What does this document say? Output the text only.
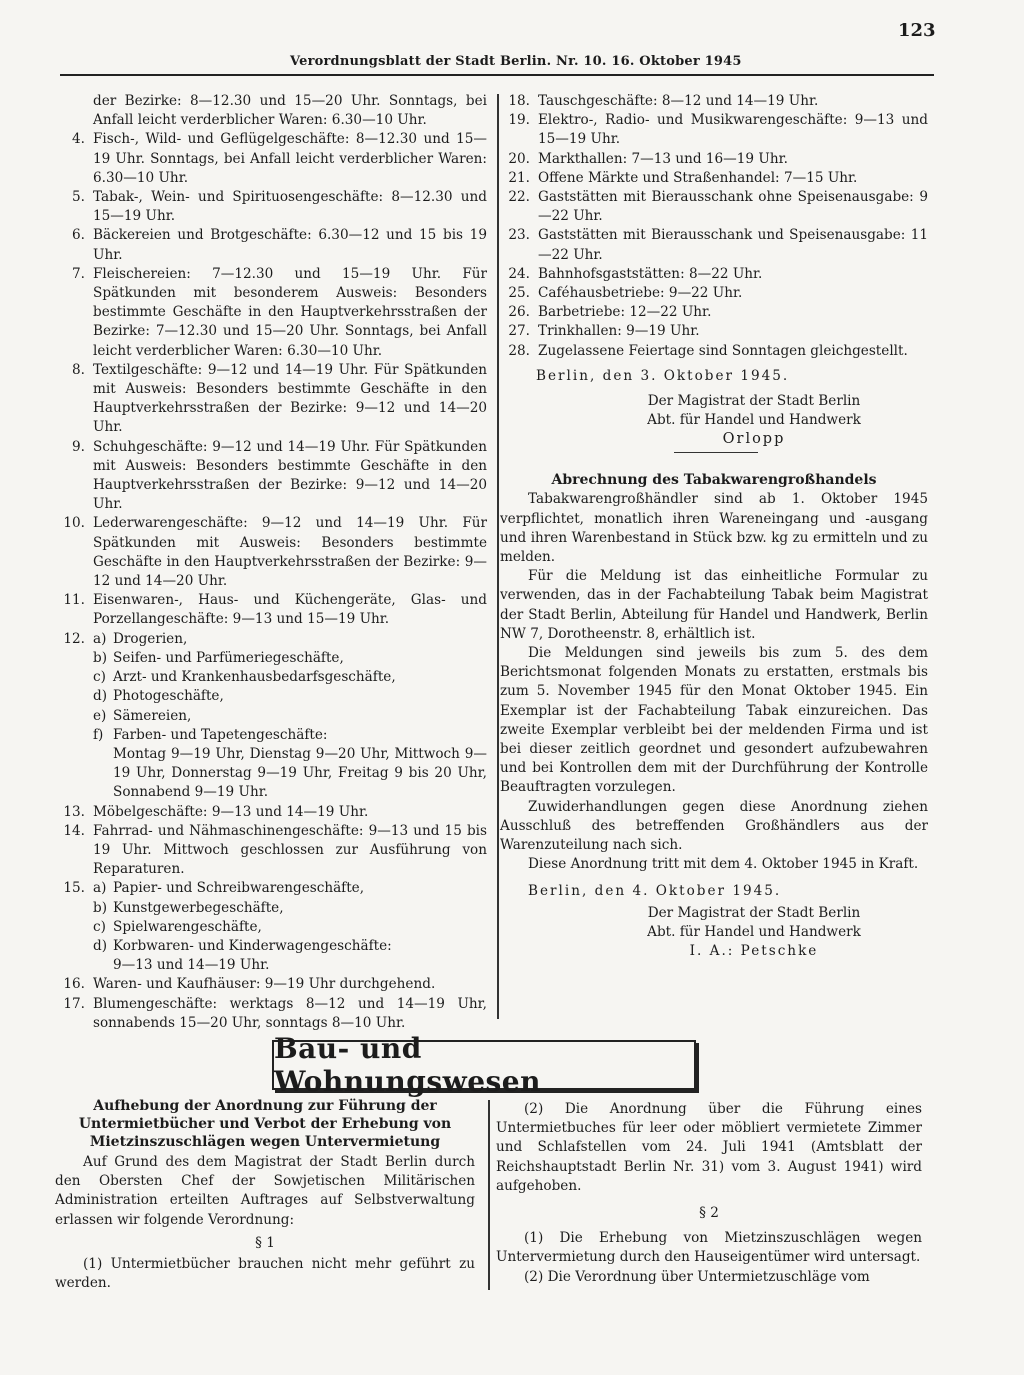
123
Verordnungsblatt der Stadt Berlin. Nr. 10. 16. Oktober 1945

der Bezirke: 8—12.30 und 15—20 Uhr. Sonntags, bei Anfall leicht verderblicher Waren: 6.30—10 Uhr.

4. Fisch-, Wild- und Geflügelgeschäfte: 8—12.30 und 15—19 Uhr. Sonntags, bei Anfall leicht verderblicher Waren: 6.30—10 Uhr.
5. Tabak-, Wein- und Spirituosengeschäfte: 8—12.30 und 15—19 Uhr.
6. Bäckereien und Brotgeschäfte: 6.30—12 und 15 bis 19 Uhr.
7. Fleischereien: 7—12.30 und 15—19 Uhr. Für Spätkunden mit besonderem Ausweis: Besonders bestimmte Geschäfte in den Hauptverkehrsstraßen der Bezirke: 7—12.30 und 15—20 Uhr. Sonntags, bei Anfall leicht verderblicher Waren: 6.30—10 Uhr.
8. Textilgeschäfte: 9—12 und 14—19 Uhr. Für Spätkunden mit Ausweis: Besonders bestimmte Geschäfte in den Hauptverkehrsstraßen der Bezirke: 9—12 und 14—20 Uhr.
9. Schuhgeschäfte: 9—12 und 14—19 Uhr. Für Spätkunden mit Ausweis: Besonders bestimmte Geschäfte in den Hauptverkehrsstraßen der Bezirke: 9—12 und 14—20 Uhr.
10. Lederwarengeschäfte: 9—12 und 14—19 Uhr. Für Spätkunden mit Ausweis: Besonders bestimmte Geschäfte in den Hauptverkehrsstraßen der Bezirke: 9—12 und 14—20 Uhr.
11. Eisenwaren-, Haus- und Küchengeräte, Glas- und Porzellangeschäfte: 9—13 und 15—19 Uhr.
12. a) Drogerien,
b) Seifen- und Parfümeriegeschäfte,
c) Arzt- und Krankenhausbedarfsgeschäfte,
d) Photogeschäfte,
e) Sämereien,
f) Farben- und Tapetengeschäfte:

Montag 9—19 Uhr, Dienstag 9—20 Uhr, Mittwoch 9—19 Uhr, Donnerstag 9—19 Uhr, Freitag 9 bis 20 Uhr, Sonnabend 9—19 Uhr.

13. Möbelgeschäfte: 9—13 und 14—19 Uhr.
14. Fahrrad- und Nähmaschinengeschäfte: 9—13 und 15 bis 19 Uhr. Mittwoch geschlossen zur Ausführung von Reparaturen.
15. a) Papier- und Schreibwarengeschäfte,
b) Kunstgewerbegeschäfte,
c) Spielwarengeschäfte,
d) Korbwaren- und Kinderwagengeschäfte:

9—13 und 14—19 Uhr.

16. Waren- und Kaufhäuser: 9—19 Uhr durchgehend.
17. Blumengeschäfte: werktags 8—12 und 14—19 Uhr, sonnabends 15—20 Uhr, sonntags 8—10 Uhr.
18. Tauschgeschäfte: 8—12 und 14—19 Uhr.
19. Elektro-, Radio- und Musikwarengeschäfte: 9—13 und 15—19 Uhr.
20. Markthallen: 7—13 und 16—19 Uhr.
21. Offene Märkte und Straßenhandel: 7—15 Uhr.
22. Gaststätten mit Bierausschank ohne Speisenausgabe: 9—22 Uhr.
23. Gaststätten mit Bierausschank und Speisenausgabe: 11—22 Uhr.
24. Bahnhofsgaststätten: 8—22 Uhr.
25. Caféhausbetriebe: 9—22 Uhr.
26. Barbetriebe: 12—22 Uhr.
27. Trinkhallen: 9—19 Uhr.
28. Zugelassene Feiertage sind Sonntagen gleichgestellt.

Berlin, den 3. Oktober 1945.

Der Magistrat der Stadt Berlin

Abt. für Handel und Handwerk

Orlopp

Abrechnung des Tabakwarengroßhandels

Tabakwarengroßhändler sind ab 1. Oktober 1945 verpflichtet, monatlich ihren Wareneingang und -ausgang und ihren Warenbestand in Stück bzw. kg zu ermitteln und zu melden.

Für die Meldung ist das einheitliche Formular zu verwenden, das in der Fachabteilung Tabak beim Magistrat der Stadt Berlin, Abteilung für Handel und Handwerk, Berlin NW 7, Dorotheenstr. 8, erhältlich ist.

Die Meldungen sind jeweils bis zum 5. des dem Berichtsmonat folgenden Monats zu erstatten, erstmals bis zum 5. November 1945 für den Monat Oktober 1945. Ein Exemplar ist der Fachabteilung Tabak einzureichen. Das zweite Exemplar verbleibt bei der meldenden Firma und ist bei dieser zeitlich geordnet und gesondert aufzubewahren und bei Kontrollen dem mit der Durchführung der Kontrolle Beauftragten vorzulegen.

Zuwiderhandlungen gegen diese Anordnung ziehen Ausschluß des betreffenden Großhändlers aus der Warenzuteilung nach sich.

Diese Anordnung tritt mit dem 4. Oktober 1945 in Kraft.

Berlin, den 4. Oktober 1945.

Der Magistrat der Stadt Berlin

Abt. für Handel und Handwerk

I. A.: Petschke

Bau- und Wohnungswesen

Aufhebung der Anordnung zur Führung der Untermietbücher und Verbot der Erhebung von Mietzinszuschlägen wegen Untervermietung

Auf Grund des dem Magistrat der Stadt Berlin durch den Obersten Chef der Sowjetischen Militärischen Administration erteilten Auftrages auf Selbstverwaltung erlassen wir folgende Verordnung:

§ 1

(1) Untermietbücher brauchen nicht mehr geführt zu werden.

(2) Die Anordnung über die Führung eines Untermietbuches für leer oder möbliert vermietete Zimmer und Schlafstellen vom 24. Juli 1941 (Amtsblatt der Reichshauptstadt Berlin Nr. 31) vom 3. August 1941) wird aufgehoben.

§ 2

(1) Die Erhebung von Mietzinszuschlägen wegen Untervermietung durch den Hauseigentümer wird untersagt.

(2) Die Verordnung über Untermietzuschläge vom
